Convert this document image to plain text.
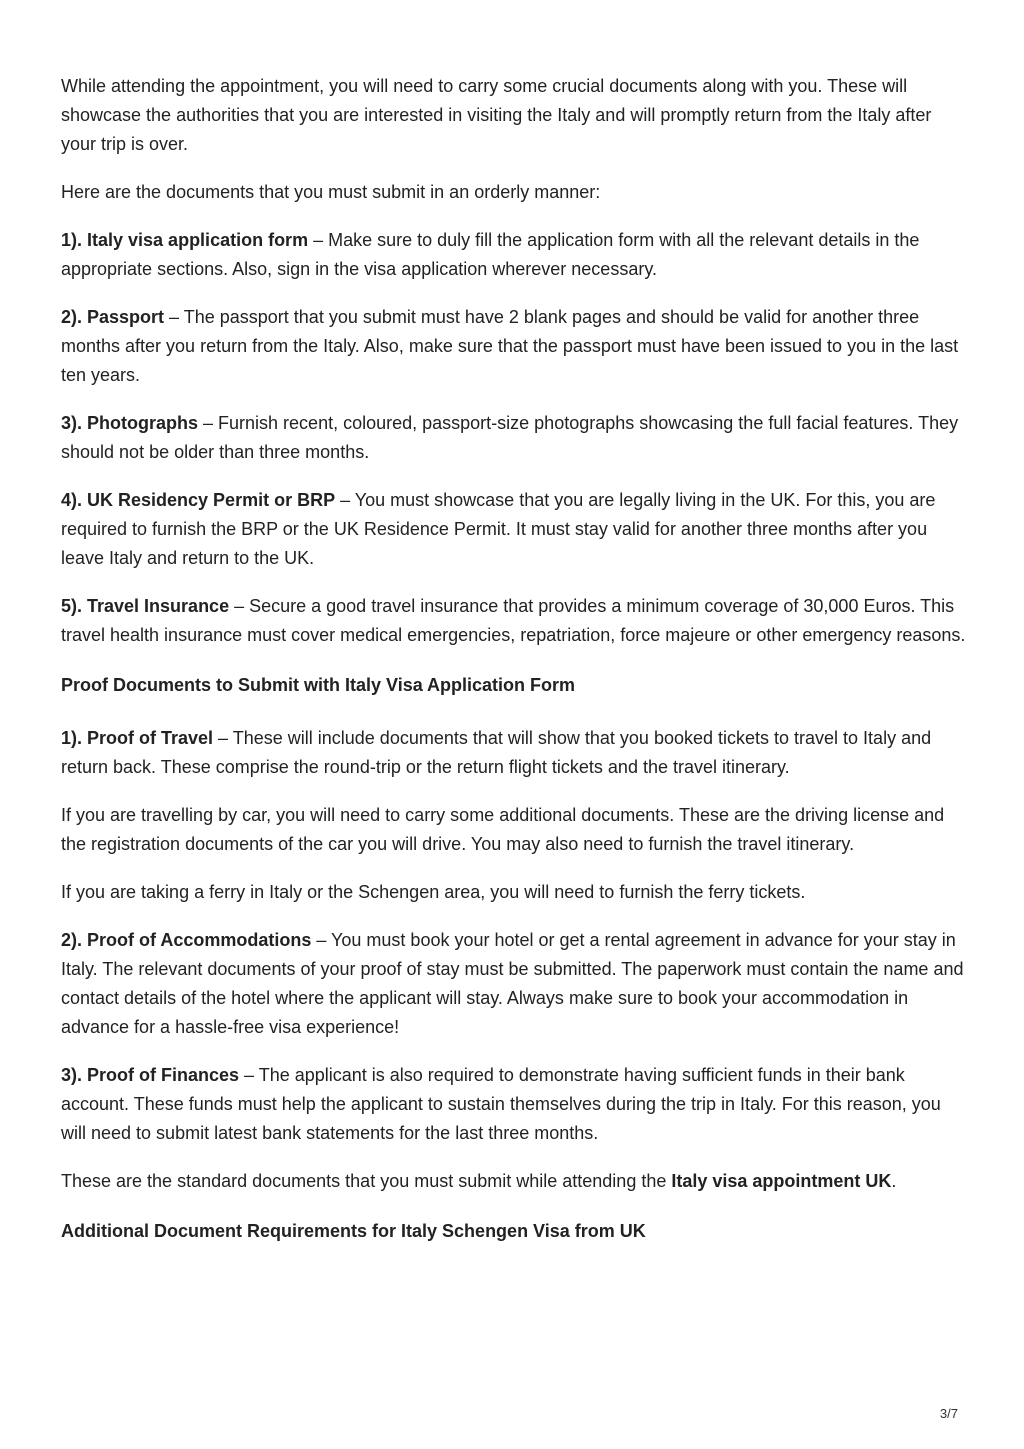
While attending the appointment, you will need to carry some crucial documents along with you. These will showcase the authorities that you are interested in visiting the Italy and will promptly return from the Italy after your trip is over.

Here are the documents that you must submit in an orderly manner:

1). Italy visa application form – Make sure to duly fill the application form with all the relevant details in the appropriate sections. Also, sign in the visa application wherever necessary.

2). Passport – The passport that you submit must have 2 blank pages and should be valid for another three months after you return from the Italy. Also, make sure that the passport must have been issued to you in the last ten years.

3). Photographs – Furnish recent, coloured, passport-size photographs showcasing the full facial features. They should not be older than three months.

4). UK Residency Permit or BRP – You must showcase that you are legally living in the UK. For this, you are required to furnish the BRP or the UK Residence Permit. It must stay valid for another three months after you leave Italy and return to the UK.

5). Travel Insurance – Secure a good travel insurance that provides a minimum coverage of 30,000 Euros. This travel health insurance must cover medical emergencies, repatriation, force majeure or other emergency reasons.

Proof Documents to Submit with Italy Visa Application Form

1). Proof of Travel – These will include documents that will show that you booked tickets to travel to Italy and return back. These comprise the round-trip or the return flight tickets and the travel itinerary.

If you are travelling by car, you will need to carry some additional documents. These are the driving license and the registration documents of the car you will drive. You may also need to furnish the travel itinerary.

If you are taking a ferry in Italy or the Schengen area, you will need to furnish the ferry tickets.

2). Proof of Accommodations – You must book your hotel or get a rental agreement in advance for your stay in Italy. The relevant documents of your proof of stay must be submitted. The paperwork must contain the name and contact details of the hotel where the applicant will stay. Always make sure to book your accommodation in advance for a hassle-free visa experience!

3). Proof of Finances – The applicant is also required to demonstrate having sufficient funds in their bank account. These funds must help the applicant to sustain themselves during the trip in Italy. For this reason, you will need to submit latest bank statements for the last three months.

These are the standard documents that you must submit while attending the Italy visa appointment UK.

Additional Document Requirements for Italy Schengen Visa from UK

3/7
